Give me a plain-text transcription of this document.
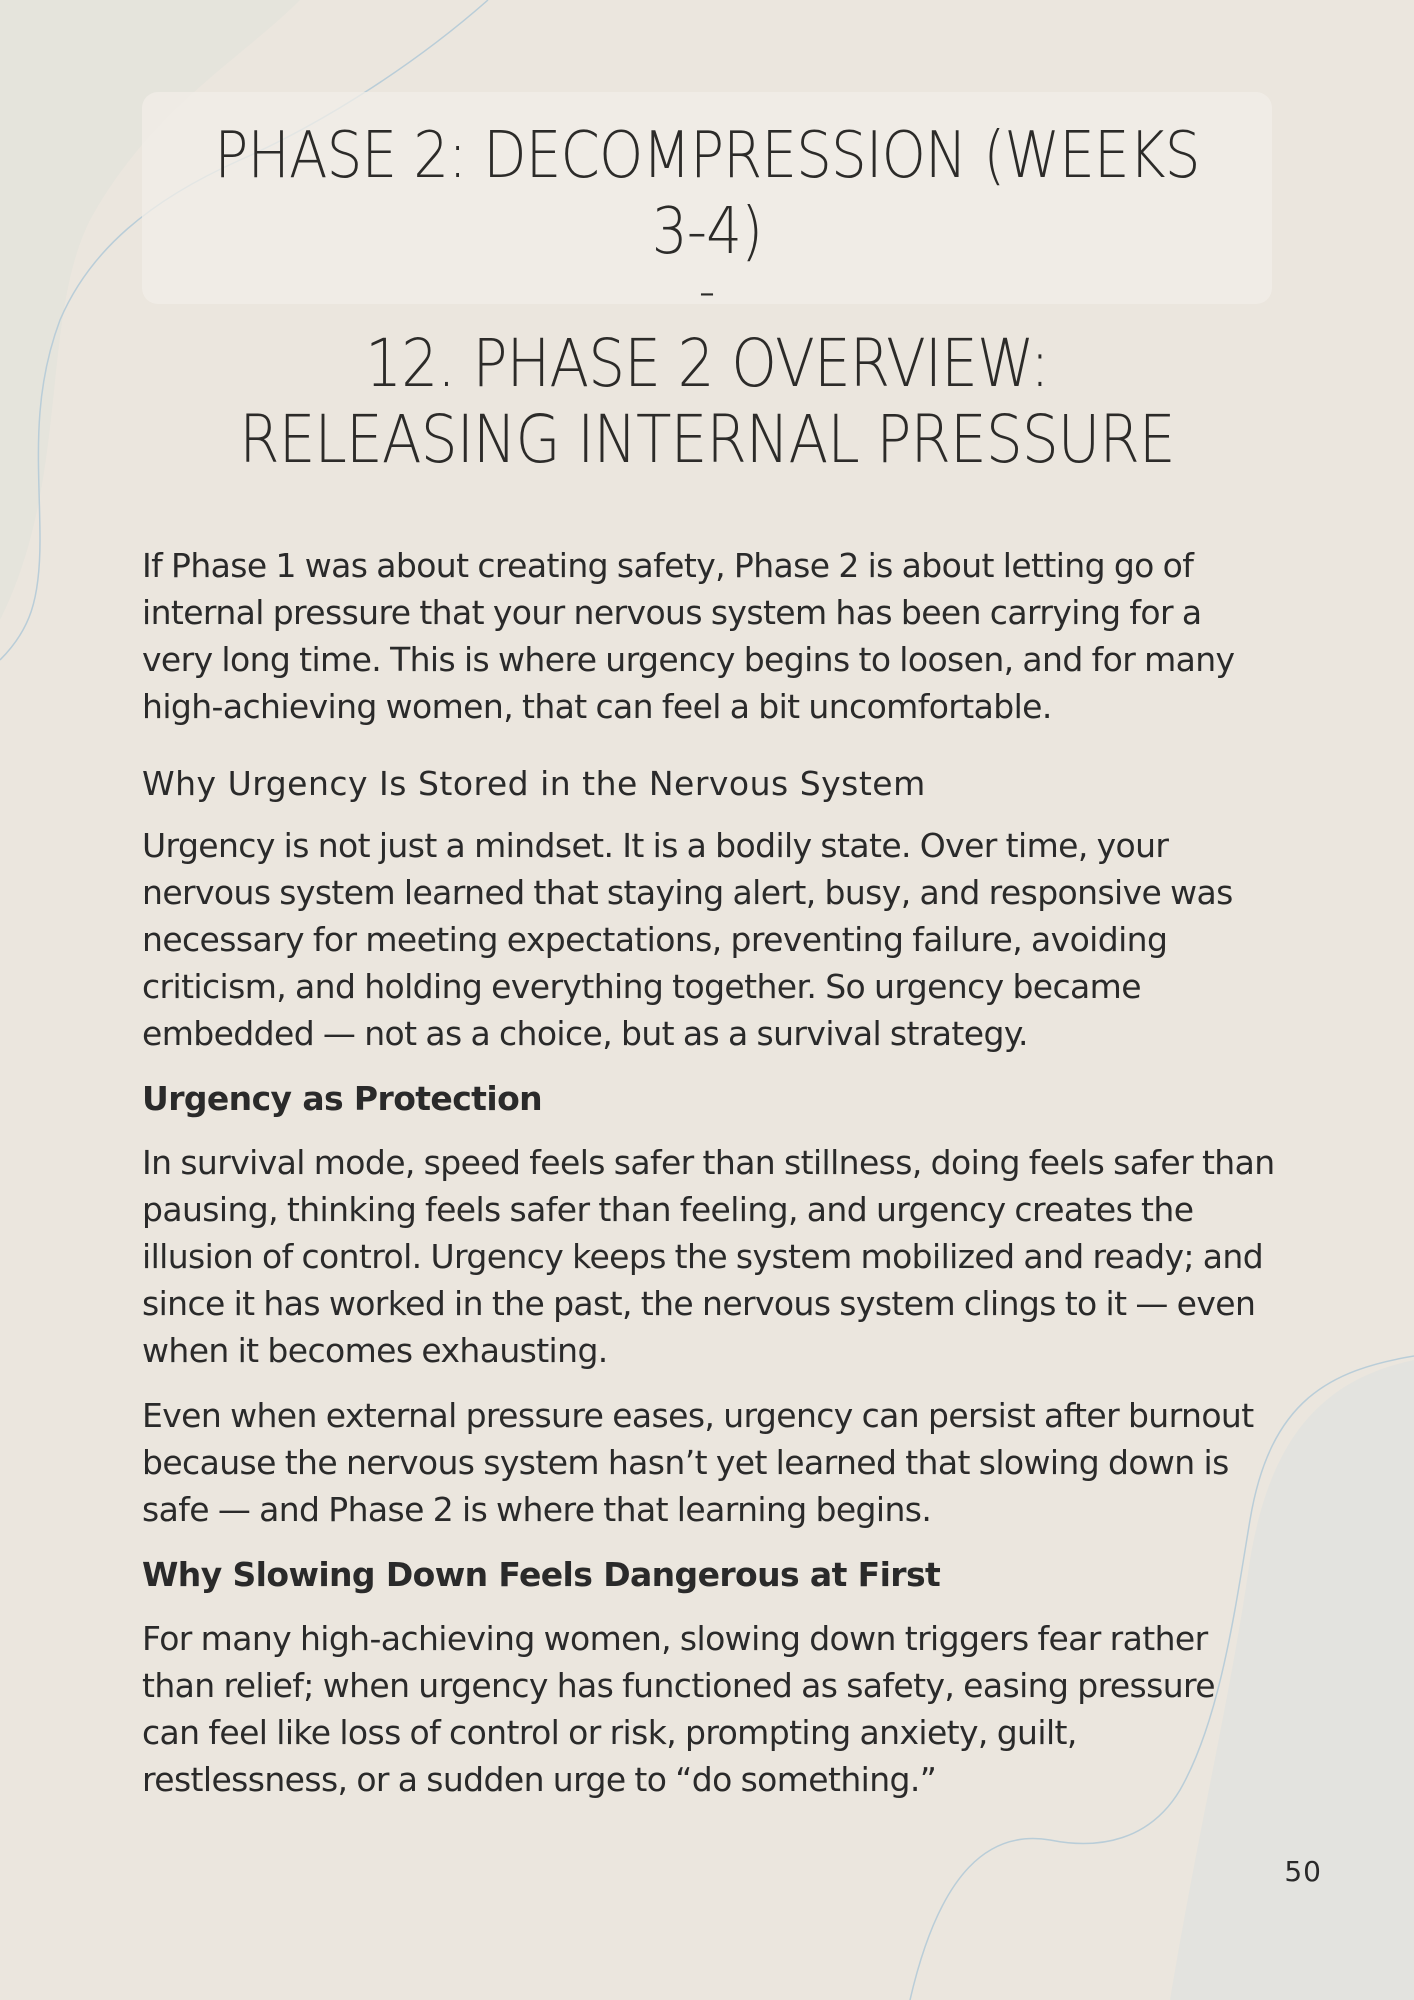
PHASE 2: DECOMPRESSION (WEEKS 3-4)
–
12. PHASE 2 OVERVIEW: RELEASING INTERNAL PRESSURE

If Phase 1 was about creating safety, Phase 2 is about letting go of internal pressure that your nervous system has been carrying for a very long time. This is where urgency begins to loosen, and for many high-achieving women, that can feel a bit uncomfortable.

Why Urgency Is Stored in the Nervous System

Urgency is not just a mindset. It is a bodily state. Over time, your nervous system learned that staying alert, busy, and responsive was necessary for meeting expectations, preventing failure, avoiding criticism, and holding everything together. So urgency became embedded — not as a choice, but as a survival strategy.

Urgency as Protection

In survival mode, speed feels safer than stillness, doing feels safer than pausing, thinking feels safer than feeling, and urgency creates the illusion of control. Urgency keeps the system mobilized and ready; and since it has worked in the past, the nervous system clings to it — even when it becomes exhausting.

Even when external pressure eases, urgency can persist after burnout because the nervous system hasn’t yet learned that slowing down is safe — and Phase 2 is where that learning begins.

Why Slowing Down Feels Dangerous at First

For many high-achieving women, slowing down triggers fear rather than relief; when urgency has functioned as safety, easing pressure can feel like loss of control or risk, prompting anxiety, guilt, restlessness, or a sudden urge to “do something.”

50
